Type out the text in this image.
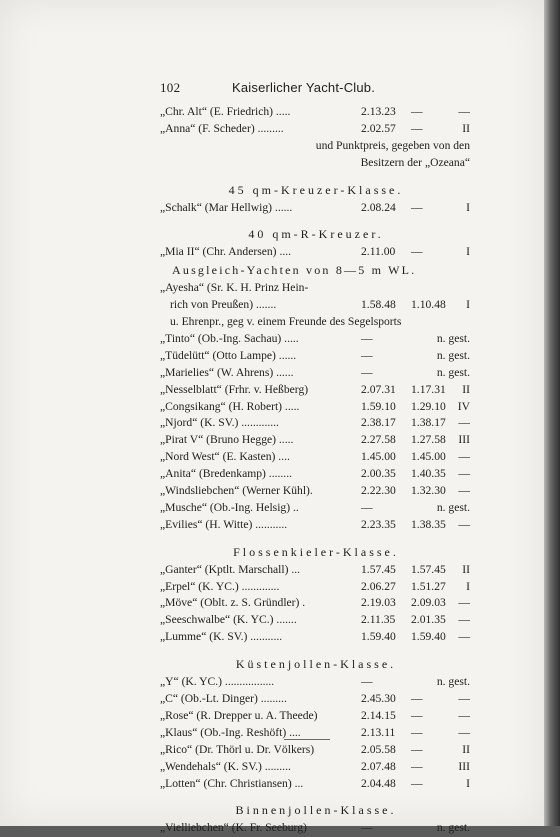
102	Kaiserlicher Yacht-Club.
„Chr. Alt“ (E. Friedrich) .....	2.13.23 —	—
„Anna“ (F. Scheder) .........	2.02.57 —	II
und Punktpreis, gegeben von den
Besitzern der „Ozeana“
45 qm-Kreuzer-Klasse.
„Schalk“ (Mar Hellwig) ......	2.08.24 —	I
40 qm-R-Kreuzer.
„Mia II“ (Chr. Andersen) ....	2.11.00 —	I
Ausgleich-Yachten von 8—5 m WL.
„Ayesha“ (Sr. K. H. Prinz Hein-
rich von Preußen) .......	1.58.48 1.10.48 I
u. Ehrenpr., geg v. einem Freunde des Segelsports
„Tinto“ (Ob.-Ing. Sachau) .....	—	n. gest.
„Tüdelütt“ (Otto Lampe) ......	—	n. gest.
„Marielies“ (W. Ahrens) ......	—	n. gest.
„Nesselblatt“ (Frhr. v. Heßberg)	2.07.31 1.17.31 II
„Congsikang“ (H. Robert) .....	1.59.10 1.29.10 IV
„Njord“ (K. SV.) .............	2.38.17 1.38.17 —
„Pirat V“ (Bruno Hegge) .....	2.27.58 1.27.58 III
„Nord West“ (E. Kasten) ....	1.45.00 1.45.00 —
„Anita“ (Bredenkamp) ........	2.00.35 1.40.35 —
„Windsliebchen“ (Werner Kühl).	2.22.30 1.32.30 —
„Musche“ (Ob.-Ing. Helsig) ..	—	n. gest.
„Evilies“ (H. Witte) ...........	2.23.35 1.38.35 —
Flossenkieler-Klasse.
„Ganter“ (Kptlt. Marschall) ...	1.57.45 1.57.45 II
„Erpel“ (K. YC.) .............	2.06.27 1.51.27 I
„Möve“ (Oblt. z. S. Gründler) .	2.19.03 2.09.03 —
„Seeschwalbe“ (K. YC.) .......	2.11.35 2.01.35 —
„Lumme“ (K. SV.) ...........	1.59.40 1.59.40 —
Küstenjollen-Klasse.
„Y“ (K. YC.) .................	—	n. gest.
„C“ (Ob.-Lt. Dinger) .........	2.45.30 —	—
„Rose“ (R. Drepper u. A. Theede)	2.14.15 —	—
„Klaus“ (Ob.-Ing. Reshöft) ....	2.13.11 —	—
„Rico“ (Dr. Thörl u. Dr. Völkers)	2.05.58 —	II
„Wendehals“ (K. SV.) .........	2.07.48 —	III
„Lotten“ (Chr. Christiansen) ...	2.04.48 —	I
Binnenjollen-Klasse.
„Vielliebchen“ (K. Fr. Seeburg)	—	n. gest.
